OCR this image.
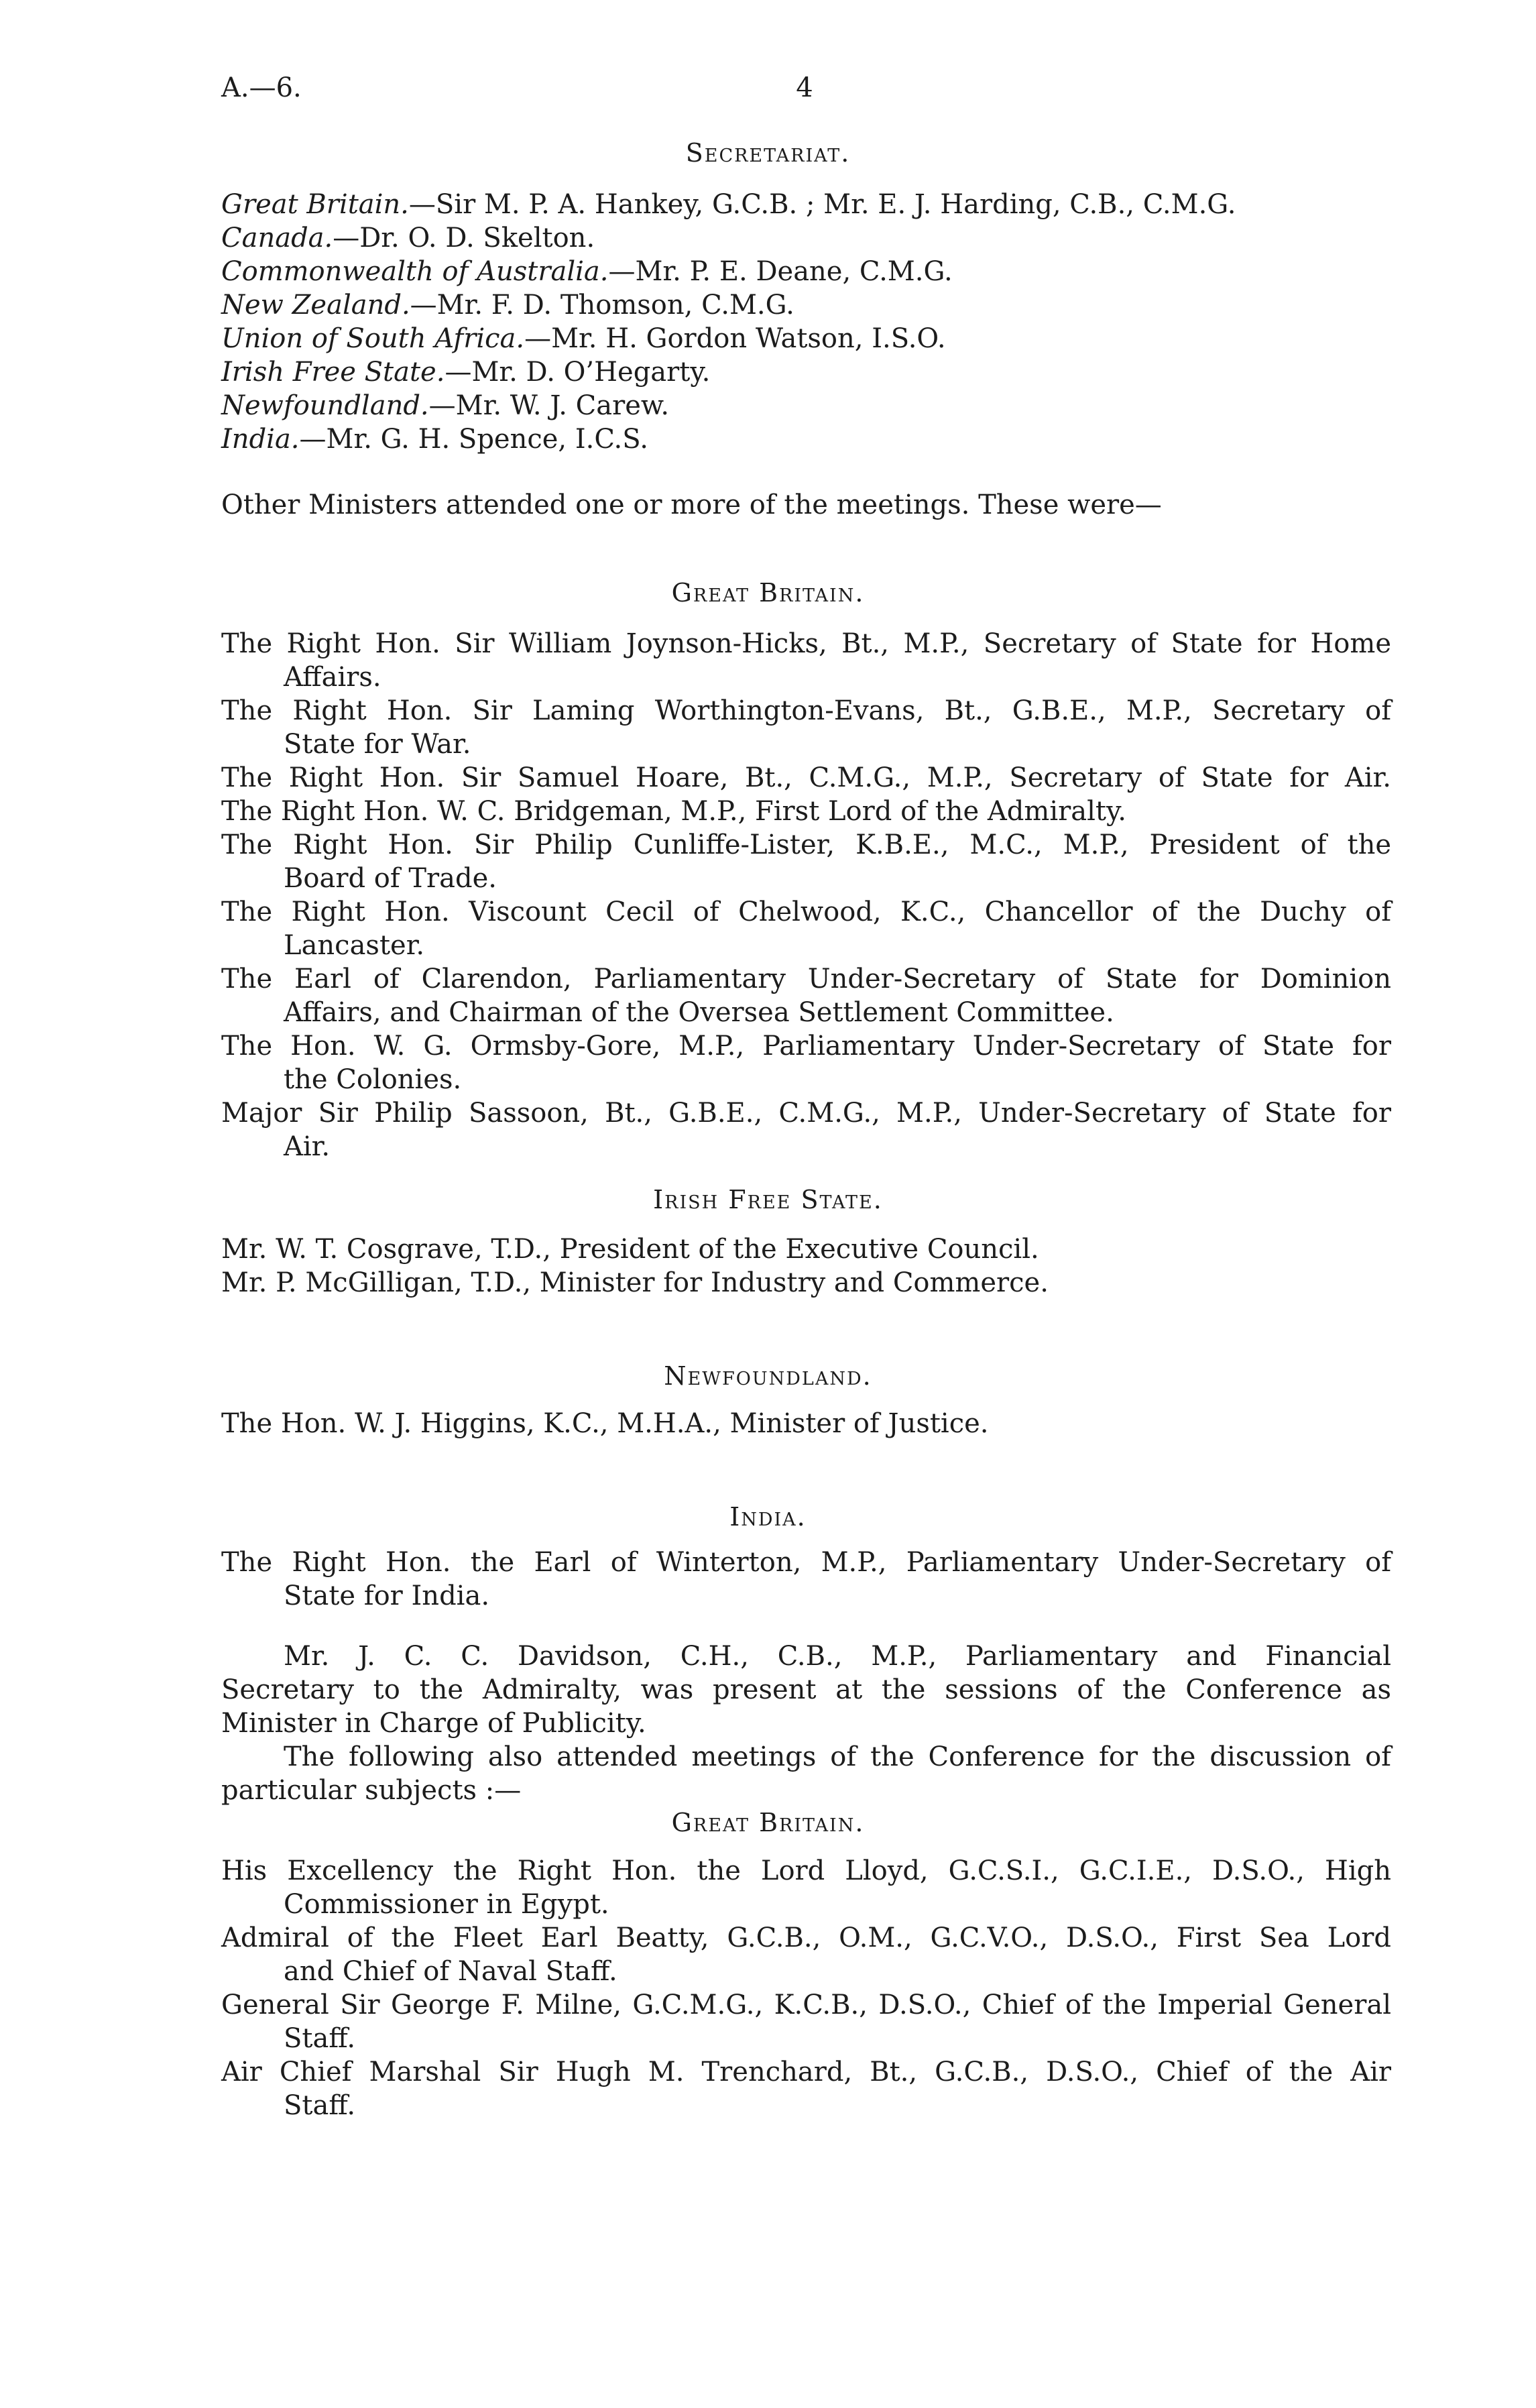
A.—6.	4
Secretariat.
Great Britain.—Sir M. P. A. Hankey, G.C.B. ; Mr. E. J. Harding, C.B., C.M.G.
Canada.—Dr. O. D. Skelton.
Commonwealth of Australia.—Mr. P. E. Deane, C.M.G.
New Zealand.—Mr. F. D. Thomson, C.M.G.
Union of South Africa.—Mr. H. Gordon Watson, I.S.O.
Irish Free State.—Mr. D. O’Hegarty.
Newfoundland.—Mr. W. J. Carew.
India.—Mr. G. H. Spence, I.C.S.
Other Ministers attended one or more of the meetings. These were—
Great Britain.
The Right Hon. Sir William Joynson-Hicks, Bt., M.P., Secretary of State for Home
Affairs.
The Right Hon. Sir Laming Worthington-Evans, Bt., G.B.E., M.P., Secretary of
State for War.
The Right Hon. Sir Samuel Hoare, Bt., C.M.G., M.P., Secretary of State for Air.
The Right Hon. W. C. Bridgeman, M.P., First Lord of the Admiralty.
The Right Hon. Sir Philip Cunliffe-Lister, K.B.E., M.C., M.P., President of the
Board of Trade.
The Right Hon. Viscount Cecil of Chelwood, K.C., Chancellor of the Duchy of
Lancaster.
The Earl of Clarendon, Parliamentary Under-Secretary of State for Dominion
Affairs, and Chairman of the Oversea Settlement Committee.
The Hon. W. G. Ormsby-Gore, M.P., Parliamentary Under-Secretary of State for
the Colonies.
Major Sir Philip Sassoon, Bt., G.B.E., C.M.G., M.P., Under-Secretary of State for
Air.
Irish Free State.
Mr. W. T. Cosgrave, T.D., President of the Executive Council.
Mr. P. McGilligan, T.D., Minister for Industry and Commerce.
Newfoundland.
The Hon. W. J. Higgins, K.C., M.H.A., Minister of Justice.
India.
The Right Hon. the Earl of Winterton, M.P., Parliamentary Under-Secretary of
State for India.
Mr. J. C. C. Davidson, C.H., C.B., M.P., Parliamentary and Financial
Secretary to the Admiralty, was present at the sessions of the Conference as
Minister in Charge of Publicity.
The following also attended meetings of the Conference for the discussion of
particular subjects :—
Great Britain.
His Excellency the Right Hon. the Lord Lloyd, G.C.S.I., G.C.I.E., D.S.O., High
Commissioner in Egypt.
Admiral of the Fleet Earl Beatty, G.C.B., O.M., G.C.V.O., D.S.O., First Sea Lord
and Chief of Naval Staff.
General Sir George F. Milne, G.C.M.G., K.C.B., D.S.O., Chief of the Imperial General
Staff.
Air Chief Marshal Sir Hugh M. Trenchard, Bt., G.C.B., D.S.O., Chief of the Air
Staff.
